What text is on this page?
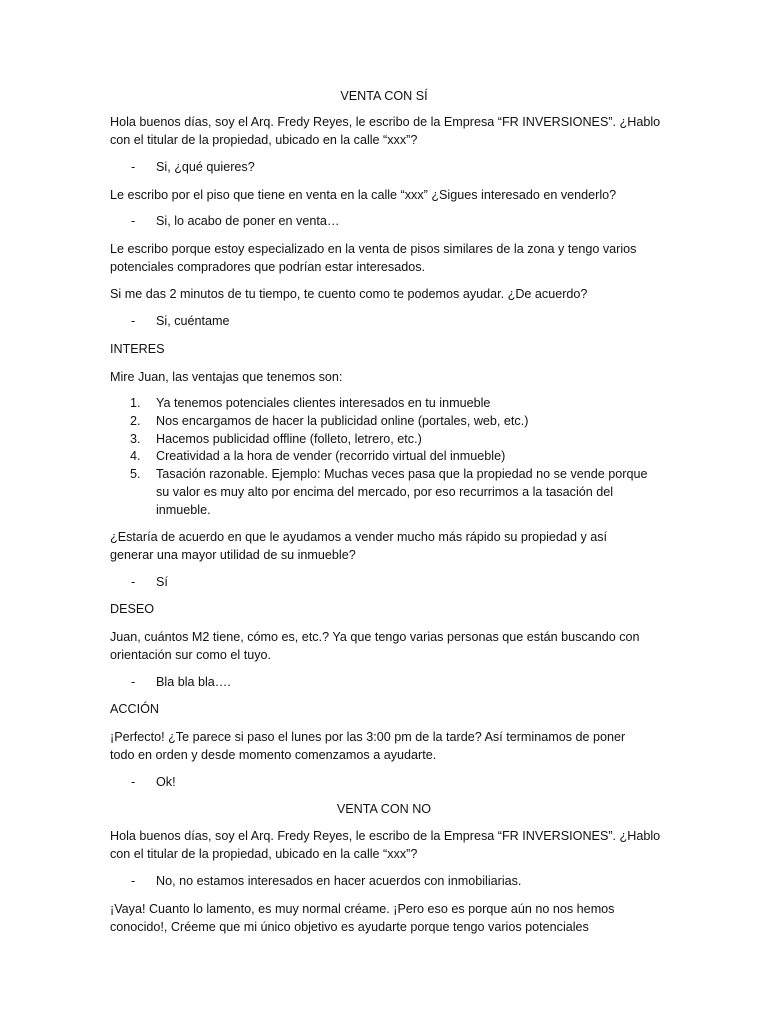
VENTA CON SÍ
Hola buenos días, soy el Arq. Fredy Reyes, le escribo de la Empresa “FR INVERSIONES”. ¿Hablo
con el titular de la propiedad, ubicado en la calle “xxx”?
- Si, ¿qué quieres?
Le escribo por el piso que tiene en venta en la calle “xxx” ¿Sigues interesado en venderlo?
- Si, lo acabo de poner en venta…
Le escribo porque estoy especializado en la venta de pisos similares de la zona y tengo varios
potenciales compradores que podrían estar interesados.
Si me das 2 minutos de tu tiempo, te cuento como te podemos ayudar. ¿De acuerdo?
- Si, cuéntame
INTERES
Mire Juan, las ventajas que tenemos son:
1. Ya tenemos potenciales clientes interesados en tu inmueble
2. Nos encargamos de hacer la publicidad online (portales, web, etc.)
3. Hacemos publicidad offline (folleto, letrero, etc.)
4. Creatividad a la hora de vender (recorrido virtual del inmueble)
5. Tasación razonable. Ejemplo: Muchas veces pasa que la propiedad no se vende porque
su valor es muy alto por encima del mercado, por eso recurrimos a la tasación del
inmueble.
¿Estaría de acuerdo en que le ayudamos a vender mucho más rápido su propiedad y así
generar una mayor utilidad de su inmueble?
- Sí
DESEO
Juan, cuántos M2 tiene, cómo es, etc.? Ya que tengo varias personas que están buscando con
orientación sur como el tuyo.
- Bla bla bla….
ACCIÓN
¡Perfecto! ¿Te parece si paso el lunes por las 3:00 pm de la tarde? Así terminamos de poner
todo en orden y desde momento comenzamos a ayudarte.
- Ok!
VENTA CON NO
Hola buenos días, soy el Arq. Fredy Reyes, le escribo de la Empresa “FR INVERSIONES”. ¿Hablo
con el titular de la propiedad, ubicado en la calle “xxx”?
- No, no estamos interesados en hacer acuerdos con inmobiliarias.
¡Vaya! Cuanto lo lamento, es muy normal créame. ¡Pero eso es porque aún no nos hemos
conocido!, Créeme que mi único objetivo es ayudarte porque tengo varios potenciales
